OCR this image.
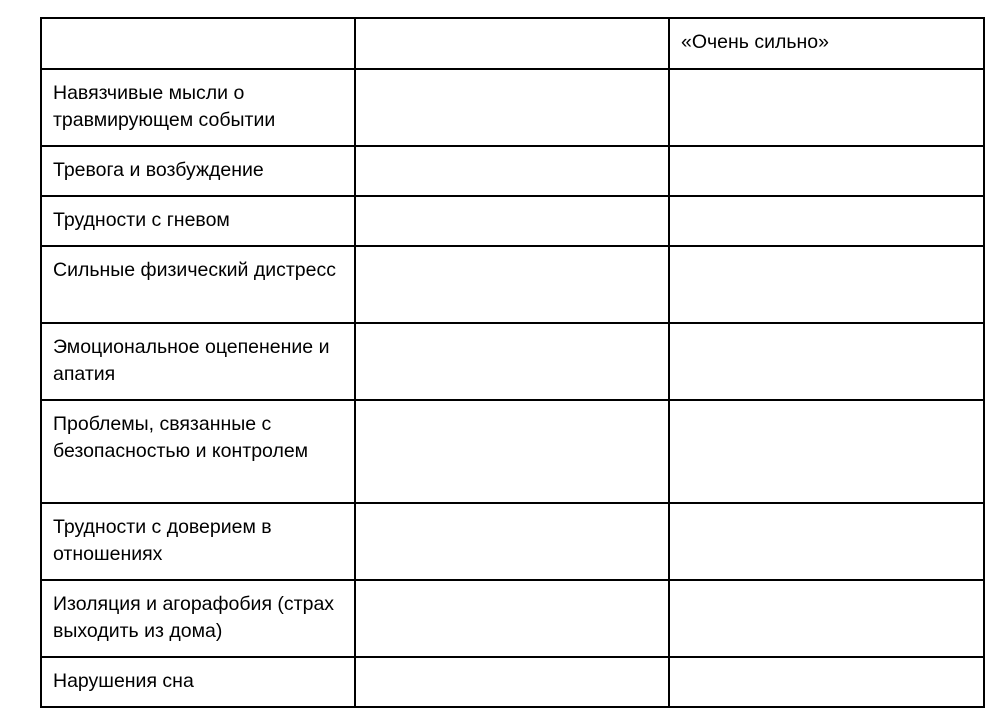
		«Очень сильно»
Навязчивые мысли о травмирующем событии		
Тревога и возбуждение		
Трудности с гневом		
Сильные физический дистресс		
Эмоциональное оцепенение и апатия		
Проблемы, связанные с безопасностью и контролем		
Трудности с доверием в отношениях		
Изоляция и агорафобия (страх выходить из дома)		
Нарушения сна		
